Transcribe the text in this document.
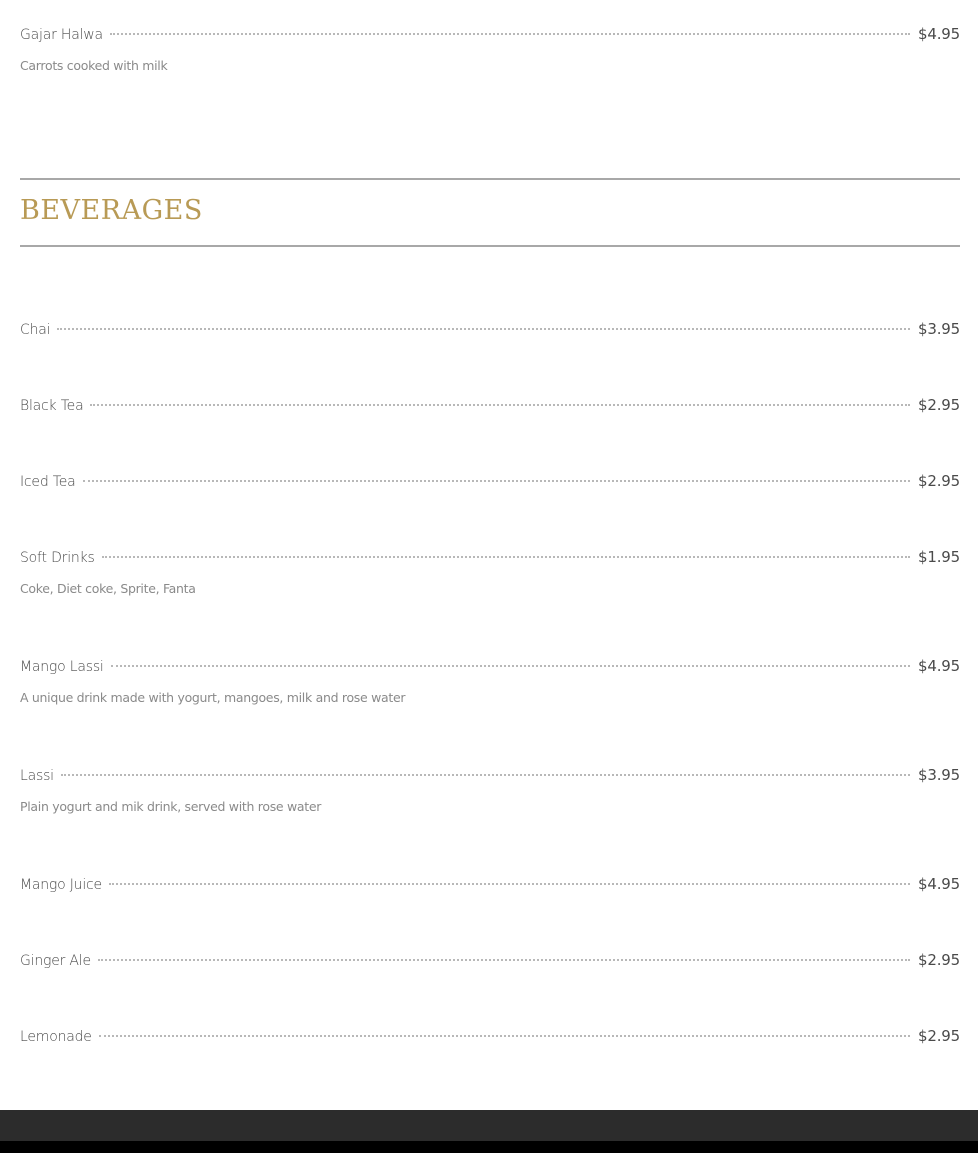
Gajar Halwa	$4.95
Carrots cooked with milk
BEVERAGES
Chai	$3.95
Black Tea	$2.95
Iced Tea	$2.95
Soft Drinks	$1.95
Coke, Diet coke, Sprite, Fanta
Mango Lassi	$4.95
A unique drink made with yogurt, mangoes, milk and rose water
Lassi	$3.95
Plain yogurt and mik drink, served with rose water
Mango Juice	$4.95
Ginger Ale	$2.95
Lemonade	$2.95
